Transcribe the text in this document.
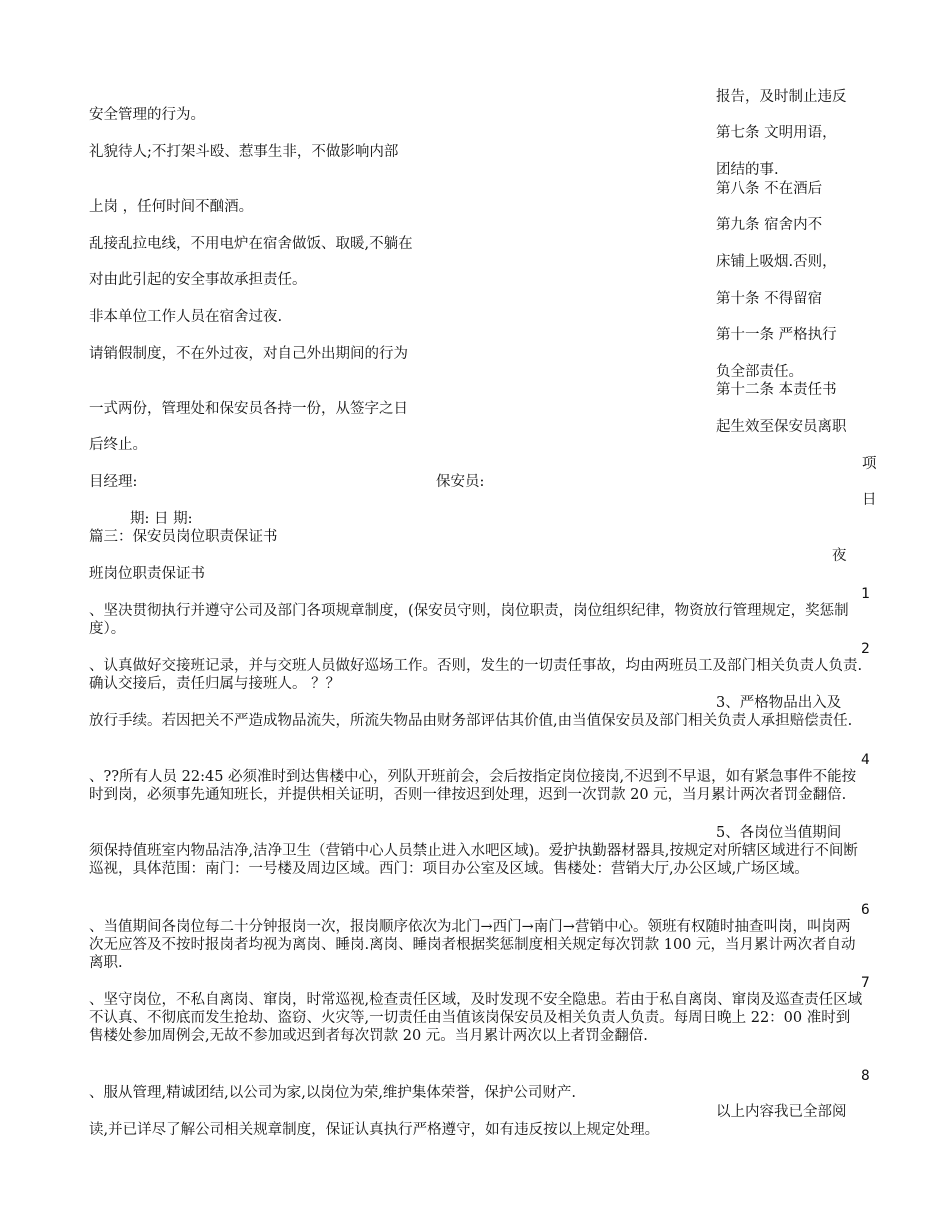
报告，及时制止违反

安全管理的行为。

第七条 文明用语，

礼貌待人;不打架斗殴、惹事生非，不做影响内部

团结的事.

第八条 不在酒后

上岗 ，任何时间不酗酒。

第九条 宿舍内不

乱接乱拉电线，不用电炉在宿舍做饭、取暖,不躺在

床铺上吸烟.否则，

对由此引起的安全事故承担责任。

第十条 不得留宿

非本单位工作人员在宿舍过夜.

第十一条 严格执行

请销假制度，不在外过夜，对自己外出期间的行为

负全部责任。

第十二条 本责任书

一式两份，管理处和保安员各持一份，从签字之日

起生效至保安员离职

后终止。

项

目经理:	保安员:

日

期: 日 期:

篇三：保安员岗位职责保证书

夜

班岗位职责保证书

1

、坚决贯彻执行并遵守公司及部门各项规章制度，(保安员守则，岗位职责，岗位组织纪律，物资放行管理规定，奖惩制度）。

2

、认真做好交接班记录，并与交班人员做好巡场工作。否则，发生的一切责任事故，均由两班员工及部门相关负责人负责.确认交接后，责任归属与接班人。 ？？

3、严格物品出入及

放行手续。若因把关不严造成物品流失，所流失物品由财务部评估其价值,由当值保安员及部门相关负责人承担赔偿责任.

4

、??所有人员 22:45 必须准时到达售楼中心，列队开班前会，会后按指定岗位接岗,不迟到不早退，如有紧急事件不能按时到岗，必须事先通知班长，并提供相关证明，否则一律按迟到处理，迟到一次罚款 20 元，当月累计两次者罚金翻倍.

5、各岗位当值期间

须保持值班室内物品洁净,洁净卫生（营销中心人员禁止进入水吧区域)。爱护执勤器材器具,按规定对所辖区域进行不间断巡视，具体范围：南门：一号楼及周边区域。西门：项目办公室及区域。售楼处：营销大厅,办公区域,广场区域。

6

、当值期间各岗位每二十分钟报岗一次，报岗顺序依次为北门→西门→南门→营销中心。领班有权随时抽查叫岗，叫岗两次无应答及不按时报岗者均视为离岗、睡岗.离岗、睡岗者根据奖惩制度相关规定每次罚款 100 元，当月累计两次者自动离职.

7

、坚守岗位，不私自离岗、窜岗，时常巡视,检查责任区域，及时发现不安全隐患。若由于私自离岗、窜岗及巡查责任区域不认真、不彻底而发生抢劫、盗窃、火灾等,一切责任由当值该岗保安员及相关负责人负责。每周日晚上 22：00 准时到售楼处参加周例会,无故不参加或迟到者每次罚款 20 元。当月累计两次以上者罚金翻倍.

8

、服从管理,精诚团结,以公司为家,以岗位为荣,维护集体荣誉，保护公司财产.

以上内容我已全部阅

读,并已详尽了解公司相关规章制度，保证认真执行严格遵守，如有违反按以上规定处理。
